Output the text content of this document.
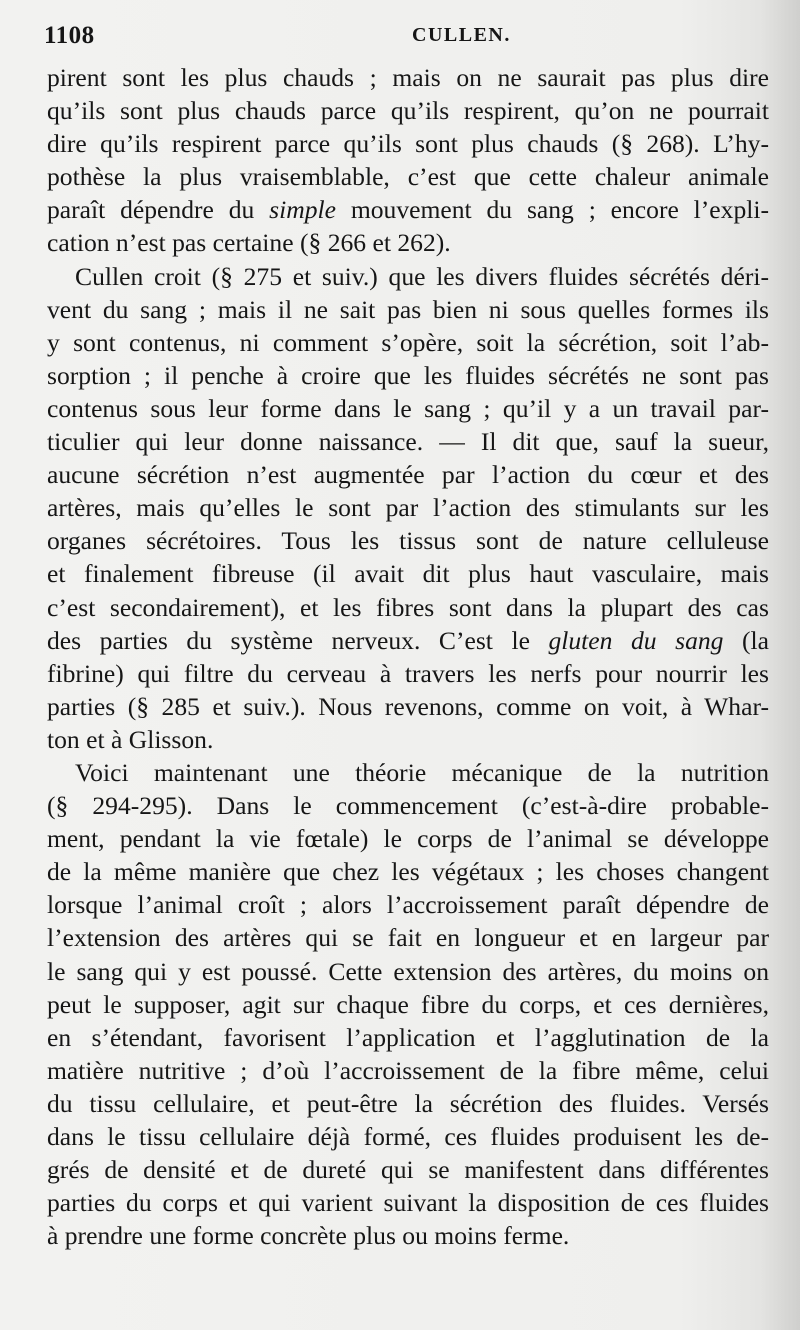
1108	CULLEN.
pirent sont les plus chauds ; mais on ne saurait pas plus dire
qu’ils sont plus chauds parce qu’ils respirent, qu’on ne pourrait
dire qu’ils respirent parce qu’ils sont plus chauds (§ 268). L’hy-
pothèse la plus vraisemblable, c’est que cette chaleur animale
paraît dépendre du simple mouvement du sang ; encore l’expli-
cation n’est pas certaine (§ 266 et 262).
Cullen croit (§ 275 et suiv.) que les divers fluides sécrétés déri-
vent du sang ; mais il ne sait pas bien ni sous quelles formes ils
y sont contenus, ni comment s’opère, soit la sécrétion, soit l’ab-
sorption ; il penche à croire que les fluides sécrétés ne sont pas
contenus sous leur forme dans le sang ; qu’il y a un travail par-
ticulier qui leur donne naissance. — Il dit que, sauf la sueur,
aucune sécrétion n’est augmentée par l’action du cœur et des
artères, mais qu’elles le sont par l’action des stimulants sur les
organes sécrétoires. Tous les tissus sont de nature celluleuse
et finalement fibreuse (il avait dit plus haut vasculaire, mais
c’est secondairement), et les fibres sont dans la plupart des cas
des parties du système nerveux. C’est le gluten du sang (la
fibrine) qui filtre du cerveau à travers les nerfs pour nourrir les
parties (§ 285 et suiv.). Nous revenons, comme on voit, à Whar-
ton et à Glisson.
Voici maintenant une théorie mécanique de la nutrition
(§ 294-295). Dans le commencement (c’est-à-dire probable-
ment, pendant la vie fœtale) le corps de l’animal se développe
de la même manière que chez les végétaux ; les choses changent
lorsque l’animal croît ; alors l’accroissement paraît dépendre de
l’extension des artères qui se fait en longueur et en largeur par
le sang qui y est poussé. Cette extension des artères, du moins on
peut le supposer, agit sur chaque fibre du corps, et ces dernières,
en s’étendant, favorisent l’application et l’agglutination de la
matière nutritive ; d’où l’accroissement de la fibre même, celui
du tissu cellulaire, et peut-être la sécrétion des fluides. Versés
dans le tissu cellulaire déjà formé, ces fluides produisent les de-
grés de densité et de dureté qui se manifestent dans différentes
parties du corps et qui varient suivant la disposition de ces fluides
à prendre une forme concrète plus ou moins ferme.
